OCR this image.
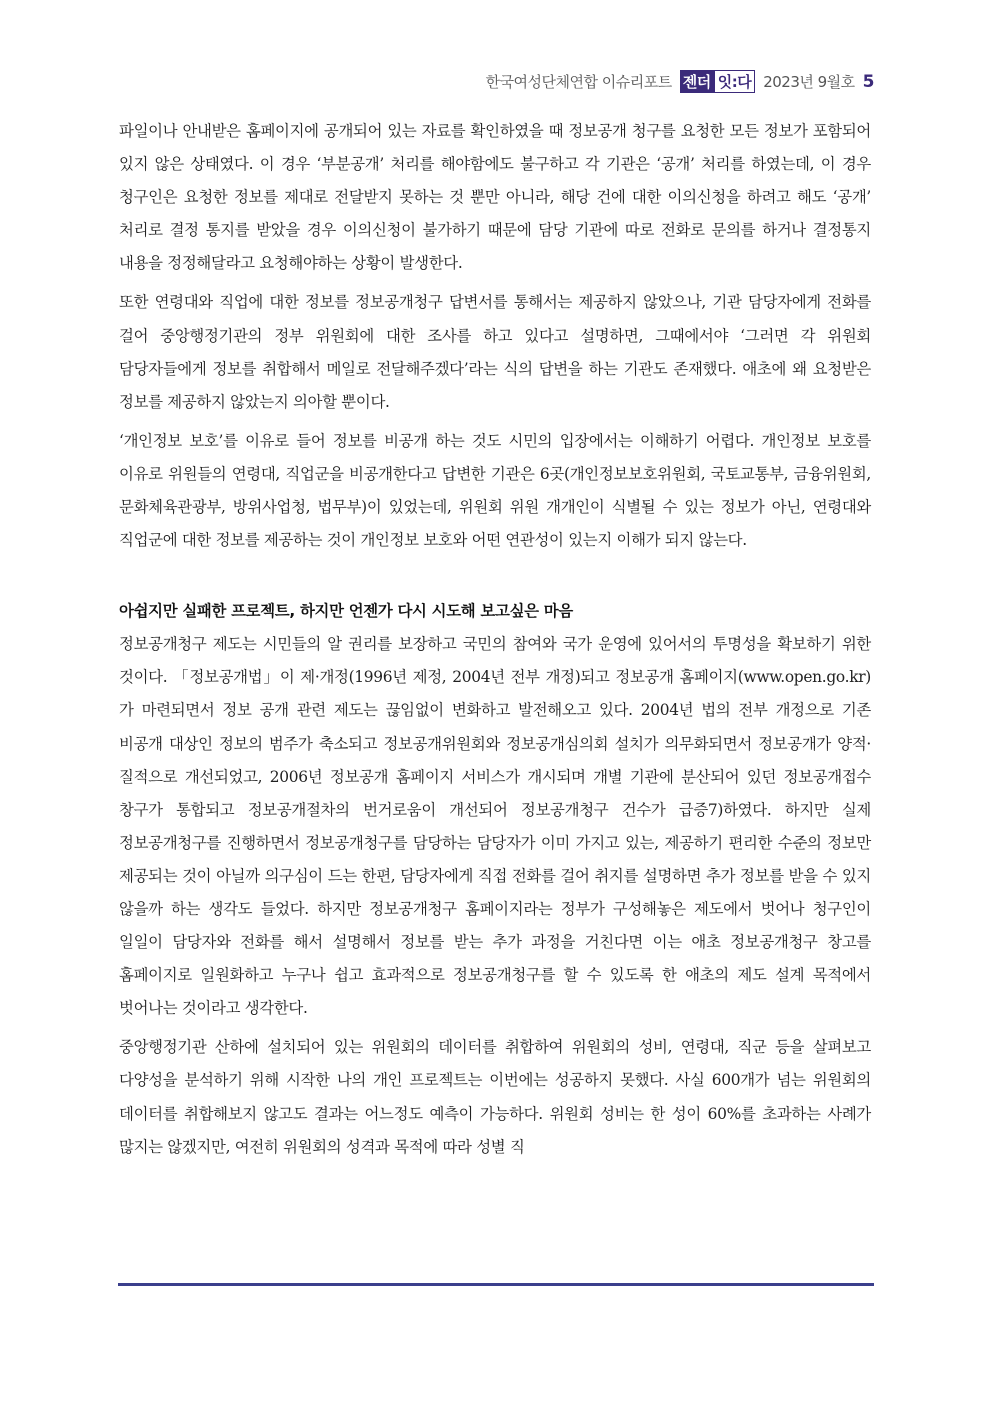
한국여성단체연합 이슈리포트 젠더 잇:다 2023년 9월호 5

파일이나 안내받은 홈페이지에 공개되어 있는 자료를 확인하였을 때 정보공개 청구를 요청한 모든 정보가 포함되어 있지 않은 상태였다. 이 경우 ‘부분공개’ 처리를 해야함에도 불구하고 각 기관은 ‘공개’ 처리를 하였는데, 이 경우 청구인은 요청한 정보를 제대로 전달받지 못하는 것 뿐만 아니라, 해당 건에 대한 이의신청을 하려고 해도 ‘공개’ 처리로 결정 통지를 받았을 경우 이의신청이 불가하기 때문에 담당 기관에 따로 전화로 문의를 하거나 결정통지 내용을 정정해달라고 요청해야하는 상황이 발생한다.

또한 연령대와 직업에 대한 정보를 정보공개청구 답변서를 통해서는 제공하지 않았으나, 기관 담당자에게 전화를 걸어 중앙행정기관의 정부 위원회에 대한 조사를 하고 있다고 설명하면, 그때에서야 ‘그러면 각 위원회 담당자들에게 정보를 취합해서 메일로 전달해주겠다’라는 식의 답변을 하는 기관도 존재했다. 애초에 왜 요청받은 정보를 제공하지 않았는지 의아할 뿐이다.

‘개인정보 보호’를 이유로 들어 정보를 비공개 하는 것도 시민의 입장에서는 이해하기 어렵다. 개인정보 보호를 이유로 위원들의 연령대, 직업군을 비공개한다고 답변한 기관은 6곳(개인정보보호위원회, 국토교통부, 금융위원회, 문화체육관광부, 방위사업청, 법무부)이 있었는데, 위원회 위원 개개인이 식별될 수 있는 정보가 아닌, 연령대와 직업군에 대한 정보를 제공하는 것이 개인정보 보호와 어떤 연관성이 있는지 이해가 되지 않는다.

아쉽지만 실패한 프로젝트, 하지만 언젠가 다시 시도해 보고싶은 마음

정보공개청구 제도는 시민들의 알 권리를 보장하고 국민의 참여와 국가 운영에 있어서의 투명성을 확보하기 위한 것이다. 「정보공개법」이 제·개정(1996년 제정, 2004년 전부 개정)되고 정보공개 홈페이지(www.open.go.kr)가 마련되면서 정보 공개 관련 제도는 끊임없이 변화하고 발전해오고 있다. 2004년 법의 전부 개정으로 기존 비공개 대상인 정보의 범주가 축소되고 정보공개위원회와 정보공개심의회 설치가 의무화되면서 정보공개가 양적·질적으로 개선되었고, 2006년 정보공개 홈페이지 서비스가 개시되며 개별 기관에 분산되어 있던 정보공개접수 창구가 통합되고 정보공개절차의 번거로움이 개선되어 정보공개청구 건수가 급증7)하였다. 하지만 실제 정보공개청구를 진행하면서 정보공개청구를 담당하는 담당자가 이미 가지고 있는, 제공하기 편리한 수준의 정보만 제공되는 것이 아닐까 의구심이 드는 한편, 담당자에게 직접 전화를 걸어 취지를 설명하면 추가 정보를 받을 수 있지 않을까 하는 생각도 들었다. 하지만 정보공개청구 홈페이지라는 정부가 구성해놓은 제도에서 벗어나 청구인이 일일이 담당자와 전화를 해서 설명해서 정보를 받는 추가 과정을 거친다면 이는 애초 정보공개청구 창고를 홈페이지로 일원화하고 누구나 쉽고 효과적으로 정보공개청구를 할 수 있도록 한 애초의 제도 설계 목적에서 벗어나는 것이라고 생각한다.

중앙행정기관 산하에 설치되어 있는 위원회의 데이터를 취합하여 위원회의 성비, 연령대, 직군 등을 살펴보고 다양성을 분석하기 위해 시작한 나의 개인 프로젝트는 이번에는 성공하지 못했다. 사실 600개가 넘는 위원회의 데이터를 취합해보지 않고도 결과는 어느정도 예측이 가능하다. 위원회 성비는 한 성이 60%를 초과하는 사례가 많지는 않겠지만, 여전히 위원회의 성격과 목적에 따라 성별 직
